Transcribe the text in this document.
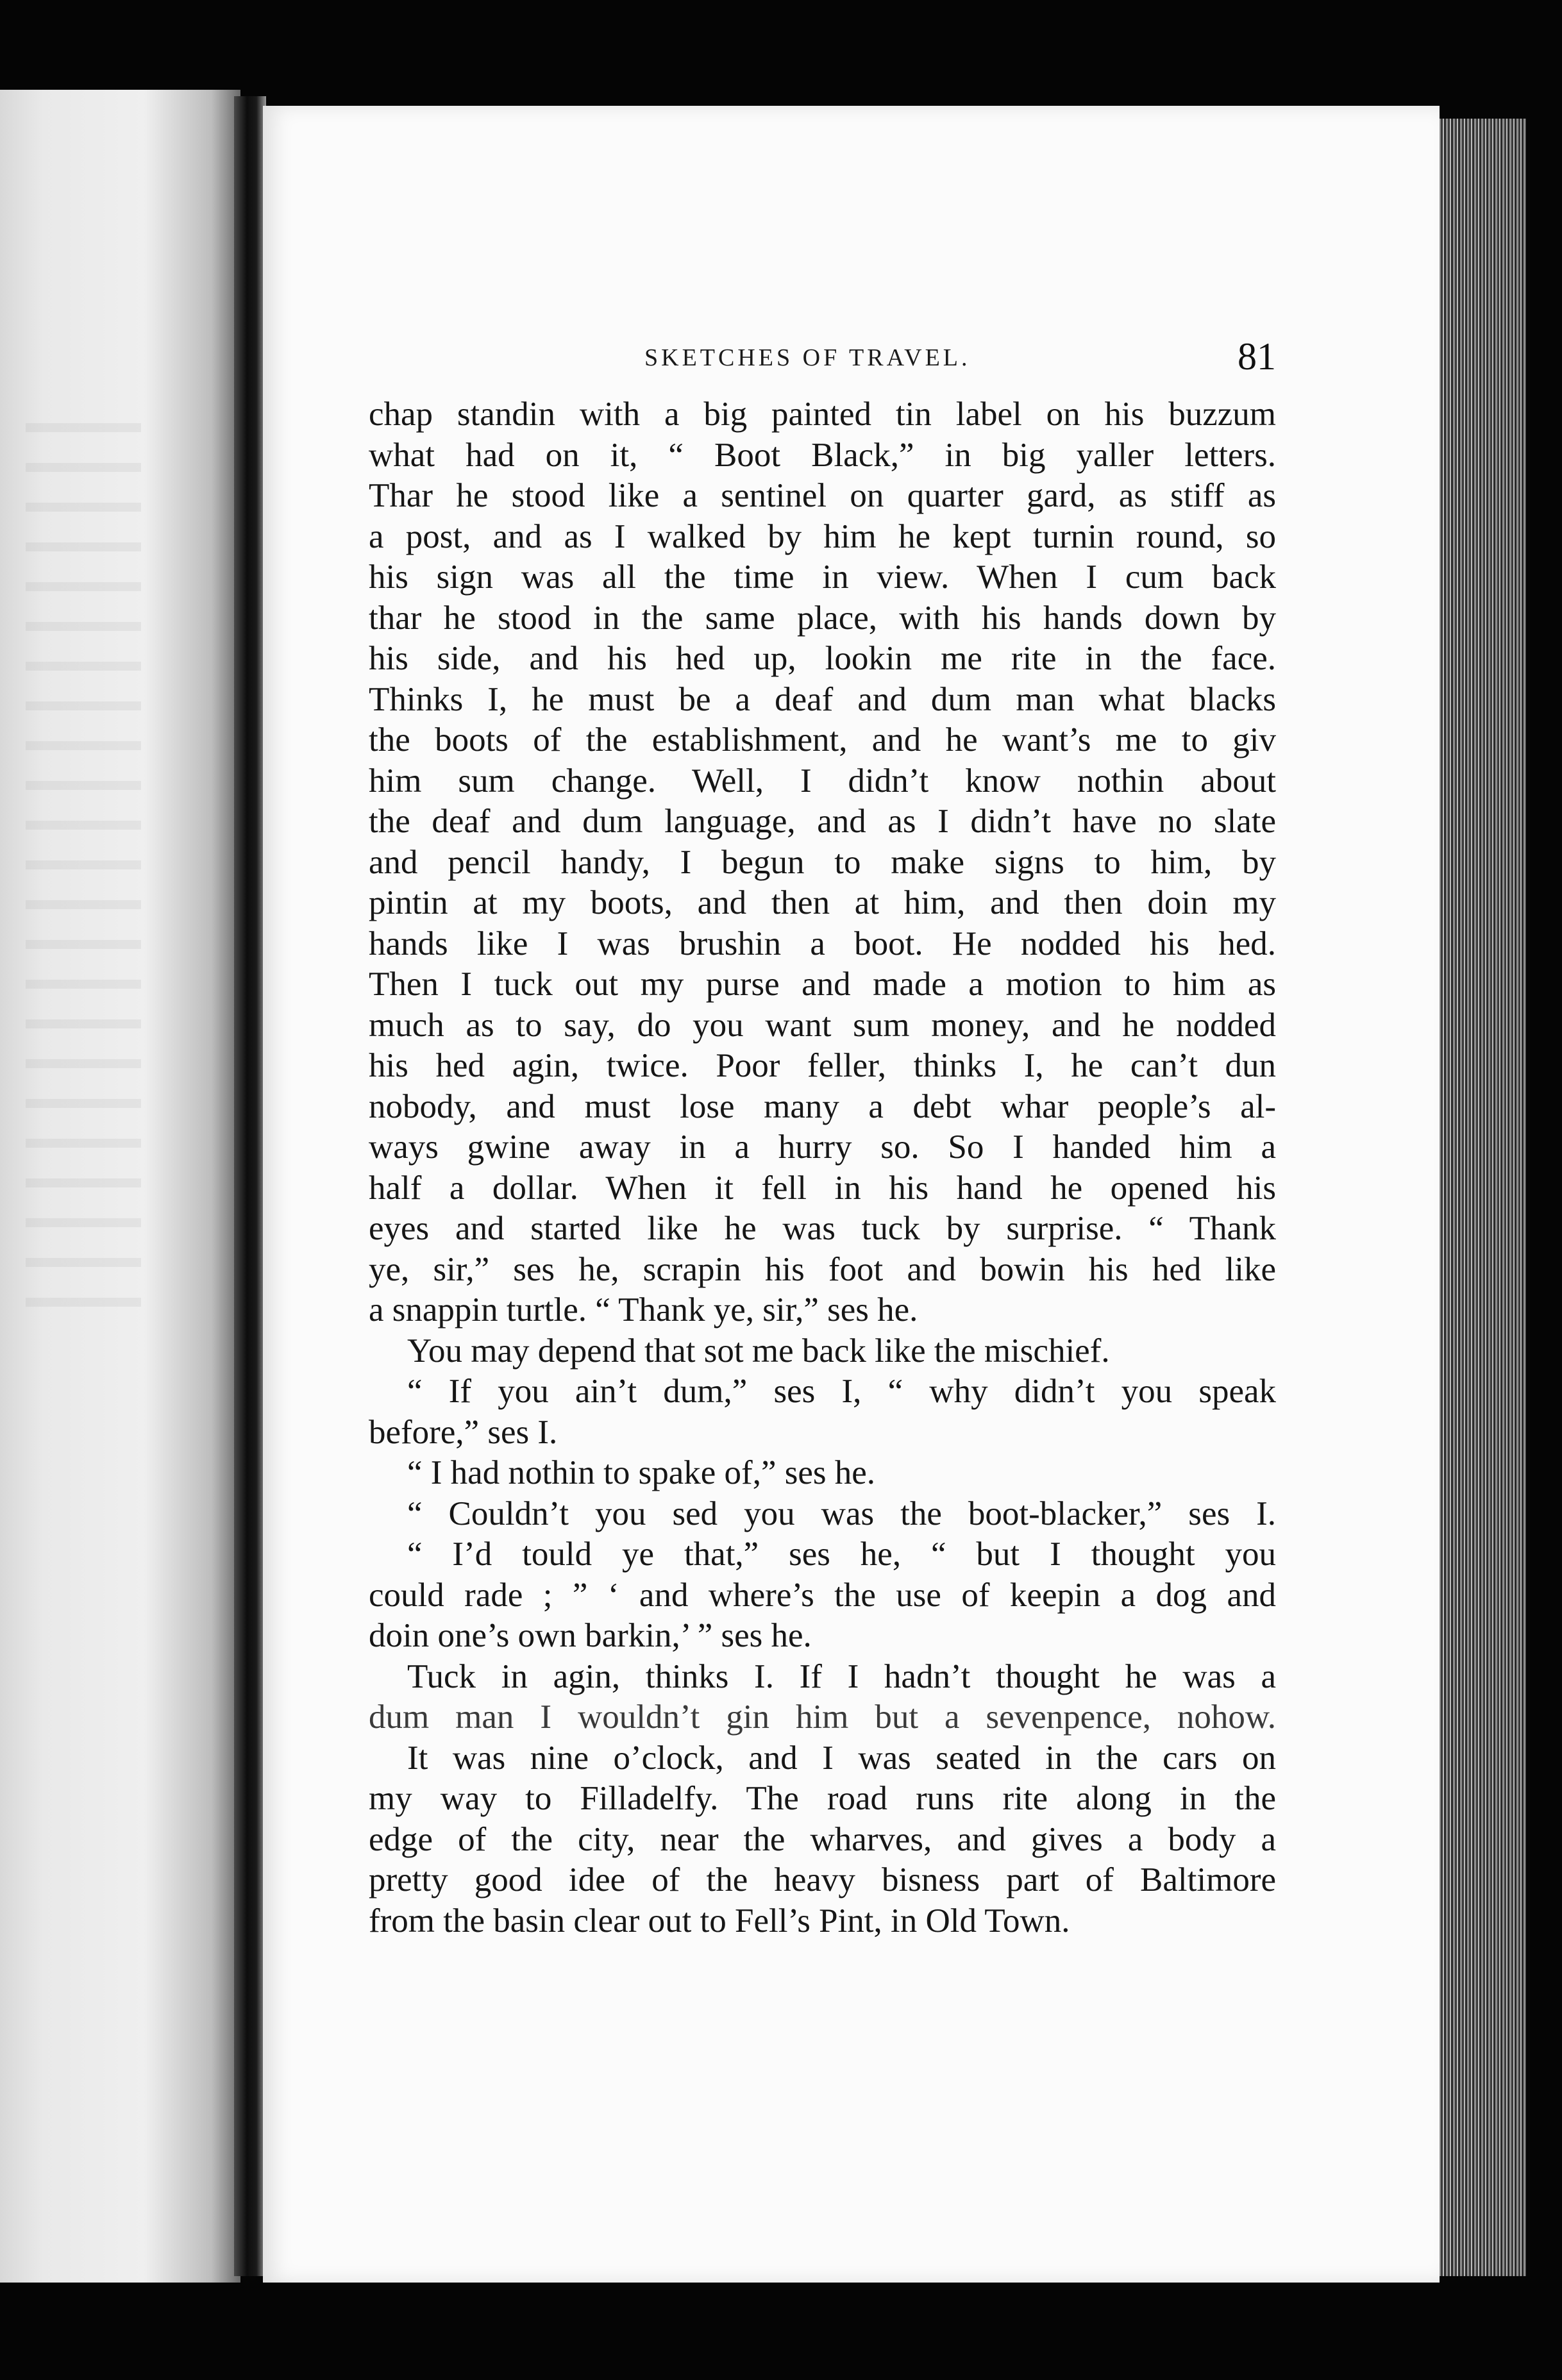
SKETCHES OF TRAVEL.	81
chap standin with a big painted tin label on his buzzum
what had on it, “ Boot Black,” in big yaller letters.
Thar he stood like a sentinel on quarter gard, as stiff as
a post, and as I walked by him he kept turnin round, so
his sign was all the time in view. When I cum back
thar he stood in the same place, with his hands down by
his side, and his hed up, lookin me rite in the face.
Thinks I, he must be a deaf and dum man what blacks
the boots of the establishment, and he want’s me to giv
him sum change. Well, I didn’t know nothin about
the deaf and dum language, and as I didn’t have no slate
and pencil handy, I begun to make signs to him, by
pintin at my boots, and then at him, and then doin my
hands like I was brushin a boot. He nodded his hed.
Then I tuck out my purse and made a motion to him as
much as to say, do you want sum money, and he nodded
his hed agin, twice. Poor feller, thinks I, he can’t dun
nobody, and must lose many a debt whar people’s al-
ways gwine away in a hurry so. So I handed him a
half a dollar. When it fell in his hand he opened his
eyes and started like he was tuck by surprise. “ Thank
ye, sir,” ses he, scrapin his foot and bowin his hed like
a snappin turtle. “ Thank ye, sir,” ses he.
You may depend that sot me back like the mischief.
“ If you ain’t dum,” ses I, “ why didn’t you speak
before,” ses I.
“ I had nothin to spake of,” ses he.
“ Couldn’t you sed you was the boot-blacker,” ses I.
“ I’d tould ye that,” ses he, “ but I thought you
could rade ; ” ‘ and where’s the use of keepin a dog and
doin one’s own barkin,’ ” ses he.
Tuck in agin, thinks I. If I hadn’t thought he was a
dum man I wouldn’t gin him but a sevenpence, nohow.
It was nine o’clock, and I was seated in the cars on
my way to Filladelfy. The road runs rite along in the
edge of the city, near the wharves, and gives a body a
pretty good idee of the heavy bisness part of Baltimore
from the basin clear out to Fell’s Pint, in Old Town.
